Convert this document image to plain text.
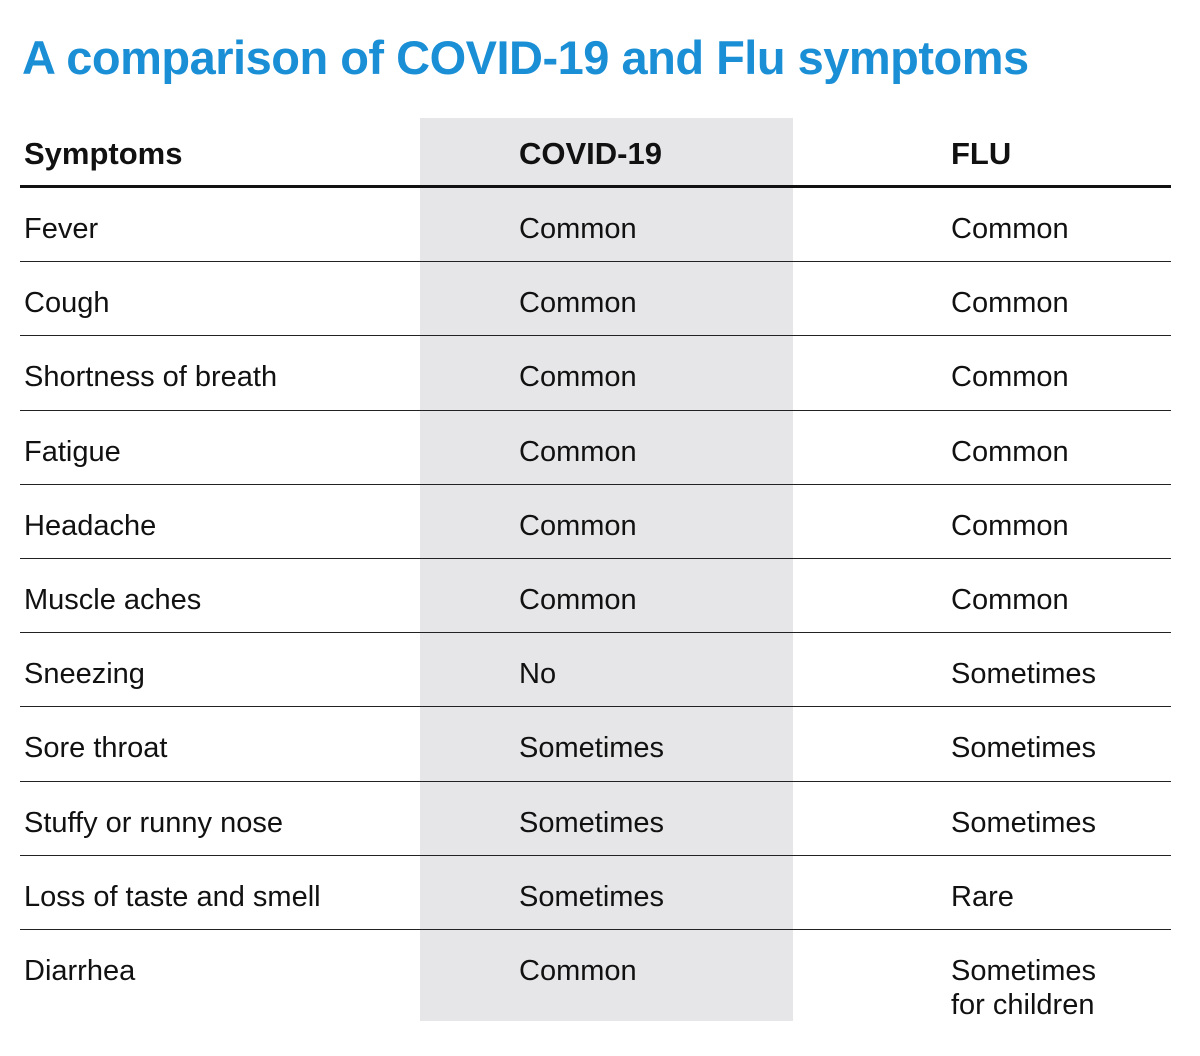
A comparison of COVID-19 and Flu symptoms
Symptoms	COVID-19	FLU
Fever	Common	Common
Cough	Common	Common
Shortness of breath	Common	Common
Fatigue	Common	Common
Headache	Common	Common
Muscle aches	Common	Common
Sneezing	No	Sometimes
Sore throat	Sometimes	Sometimes
Stuffy or runny nose	Sometimes	Sometimes
Loss of taste and smell	Sometimes	Rare
Diarrhea	Common	Sometimes
for children
